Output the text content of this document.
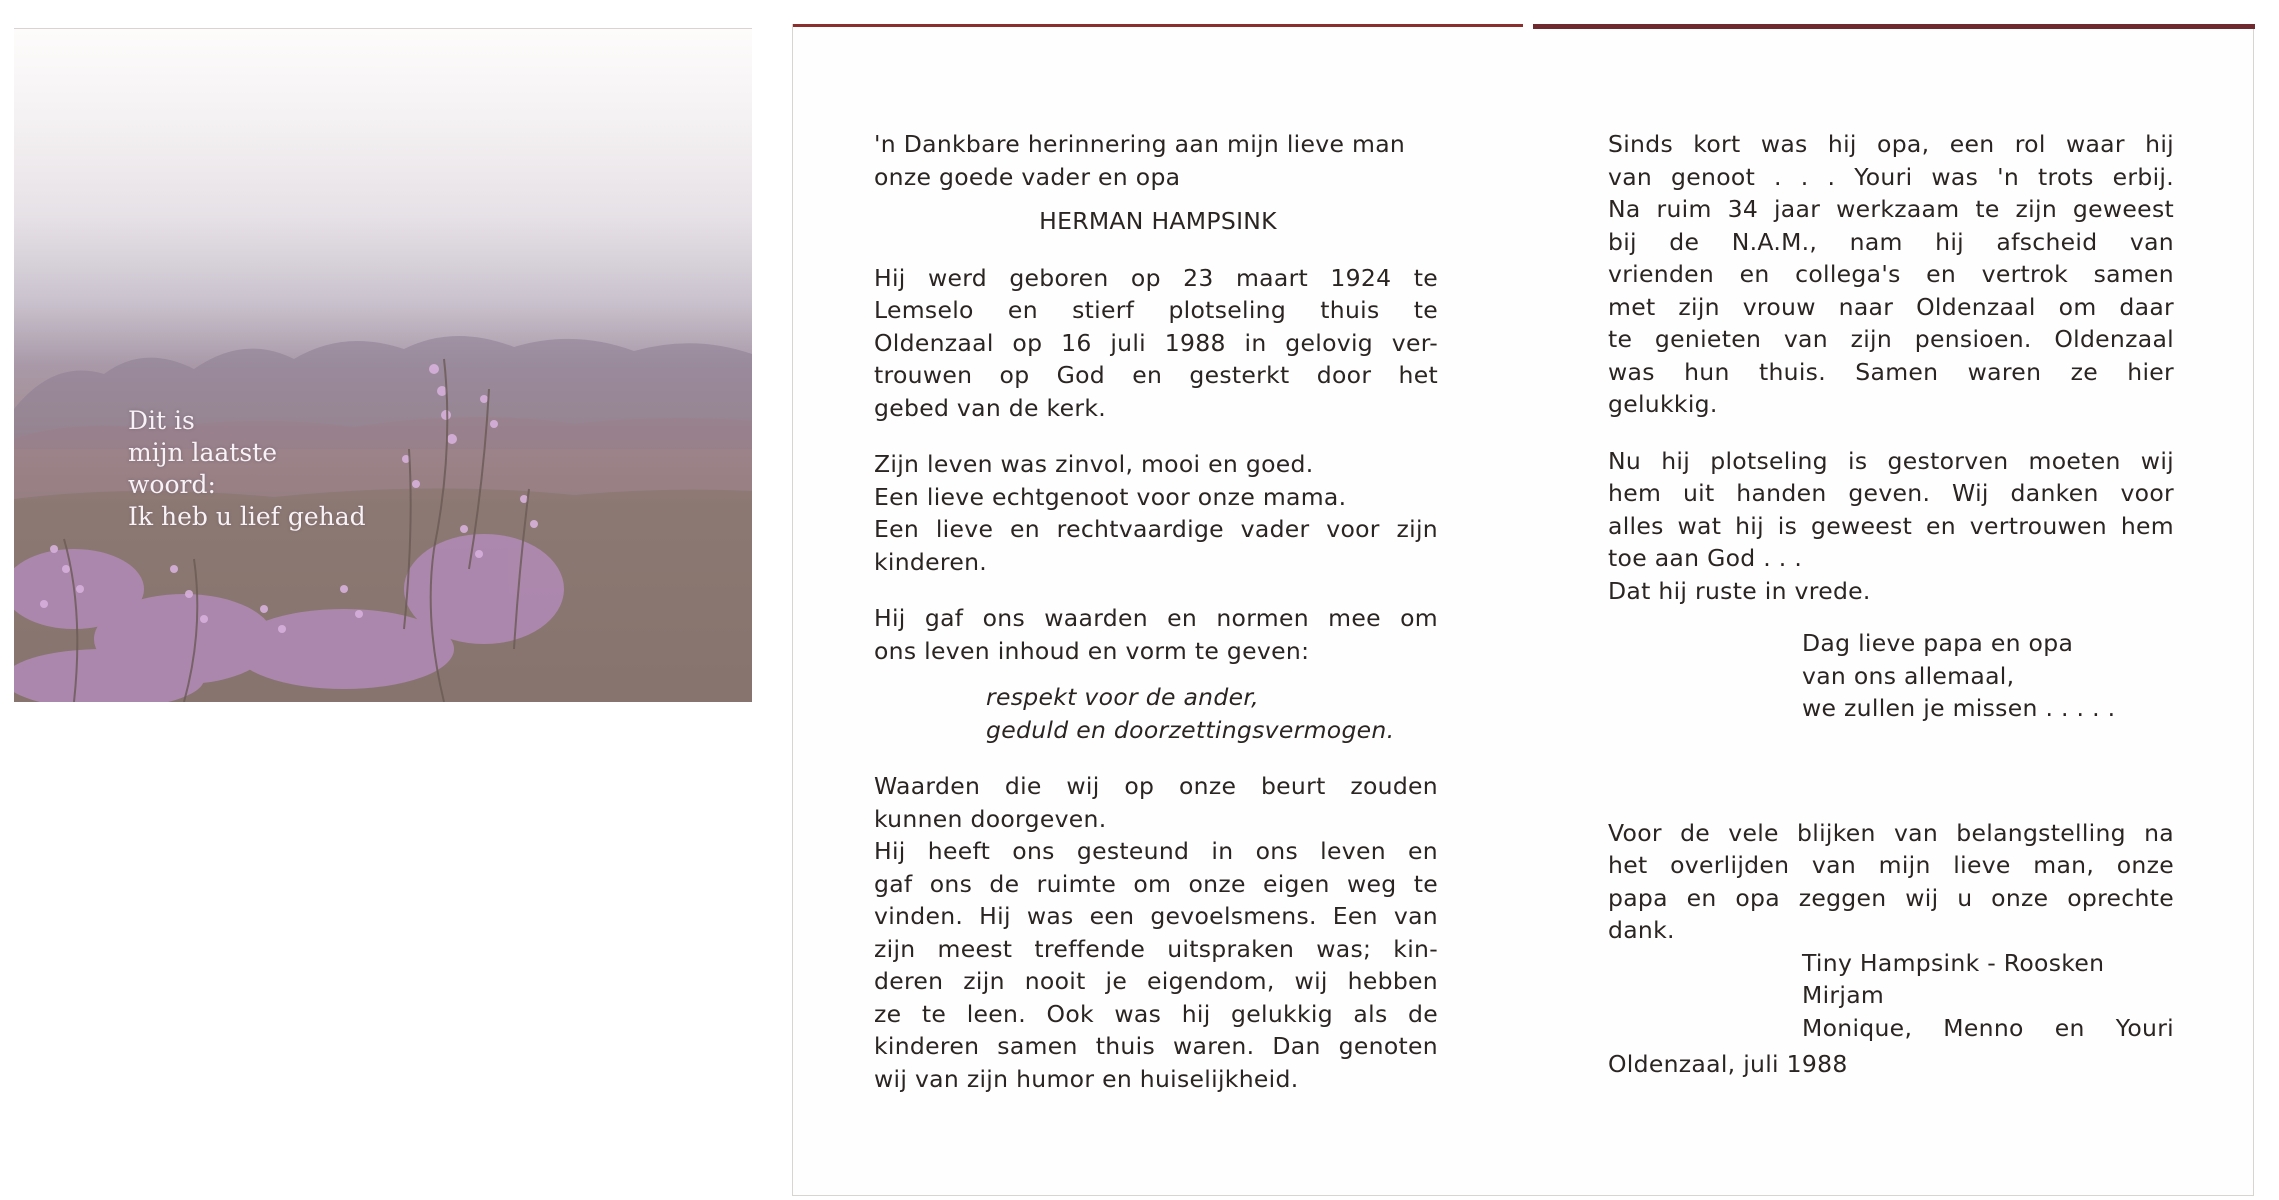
Dit is
mijn laatste
woord:
Ik heb u lief gehad

'n Dankbare herinnering aan mijn lieve man

onze goede vader en opa

HERMAN HAMPSINK

Hij werd geboren op 23 maart 1924 te

Lemselo en stierf plotseling thuis te

Oldenzaal op 16 juli 1988 in gelovig ver-

trouwen op God en gesterkt door het

gebed van de kerk.

Zijn leven was zinvol, mooi en goed.

Een lieve echtgenoot voor onze mama.

Een lieve en rechtvaardige vader voor zijn

kinderen.

Hij gaf ons waarden en normen mee om

ons leven inhoud en vorm te geven:

respekt voor de ander,

geduld en doorzettingsvermogen.

Waarden die wij op onze beurt zouden

kunnen doorgeven.

Hij heeft ons gesteund in ons leven en

gaf ons de ruimte om onze eigen weg te

vinden. Hij was een gevoelsmens. Een van

zijn meest treffende uitspraken was; kin-

deren zijn nooit je eigendom, wij hebben

ze te leen. Ook was hij gelukkig als de

kinderen samen thuis waren. Dan genoten

wij van zijn humor en huiselijkheid.

Sinds kort was hij opa, een rol waar hij

van genoot . . . Youri was 'n trots erbij.

Na ruim 34 jaar werkzaam te zijn geweest

bij de N.A.M., nam hij afscheid van

vrienden en collega's en vertrok samen

met zijn vrouw naar Oldenzaal om daar

te genieten van zijn pensioen. Oldenzaal

was hun thuis. Samen waren ze hier

gelukkig.

Nu hij plotseling is gestorven moeten wij

hem uit handen geven. Wij danken voor

alles wat hij is geweest en vertrouwen hem

toe aan God . . .

Dat hij ruste in vrede.

Dag lieve papa en opa

van ons allemaal,

we zullen je missen . . . . .

Voor de vele blijken van belangstelling na

het overlijden van mijn lieve man, onze

papa en opa zeggen wij u onze oprechte

dank.

Tiny Hampsink - Roosken

Mirjam

Monique, Menno en Youri

Oldenzaal, juli 1988
